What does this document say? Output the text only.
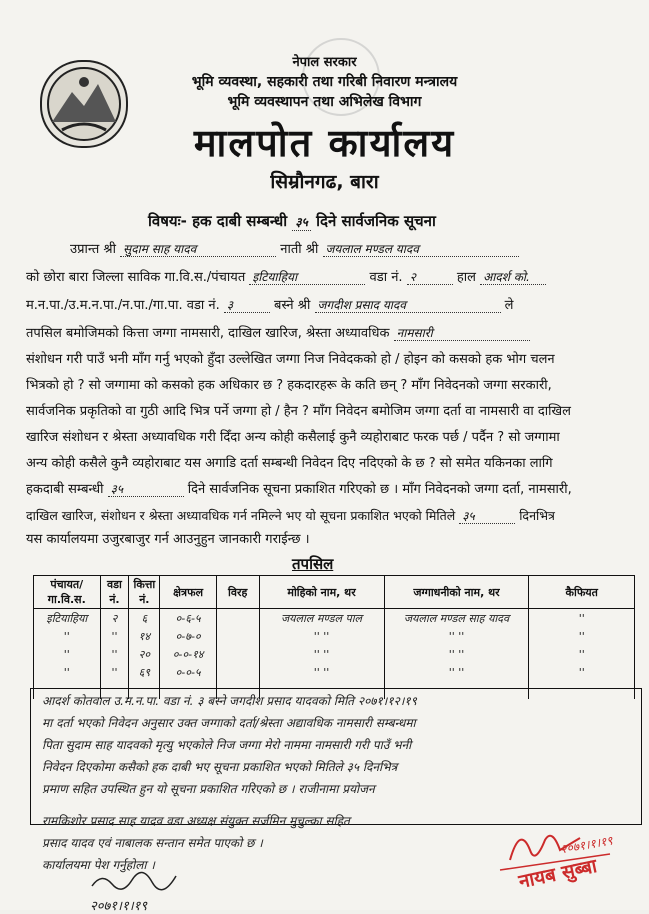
नेपाल सरकार
भूमि व्यवस्था, सहकारी तथा गरिबी निवारण मन्त्रालय
भूमि व्यवस्थापन तथा अभिलेख विभाग
मालपोत कार्यालय
सिम्रौनगढ, बारा
विषयः- हक दाबी सम्बन्धी ३५ दिने सार्वजनिक सूचना
उप्रान्त श्री सुदाम साह यादव	नाती श्री जयलाल मण्डल यादव
को छोरा बारा जिल्ला साविक गा.वि.स./पंचायत इटियाहिया	वडा नं. २	हाल आदर्श को.
म.न.पा./उ.म.न.पा./न.पा./गा.पा. वडा नं. ३	बस्ने श्री जगदीश प्रसाद यादव	ले
तपसिल बमोजिमको कित्ता जग्गा नामसारी, दाखिल खारिज, श्रेस्ता अध्यावधिक नामसारी
संशोधन गरी पाउँ भनी माँग गर्नु भएको हुँदा उल्लेखित जग्गा निज निवेदकको हो / होइन को कसको हक भोग चलन
भित्रको हो ? सो जग्गामा को कसको हक अधिकार छ ? हकदारहरू के कति छन् ? माँग निवेदनको जग्गा सरकारी,
सार्वजनिक प्रकृतिको वा गुठी आदि भित्र पर्ने जग्गा हो / हैन ? माँग निवेदन बमोजिम जग्गा दर्ता वा नामसारी वा दाखिल
खारिज संशोधन र श्रेस्ता अध्यावधिक गरी दिँदा अन्य कोही कसैलाई कुनै व्यहोराबाट फरक पर्छ / पर्दैन ? सो जग्गामा
अन्य कोही कसैले कुनै व्यहोराबाट यस अगाडि दर्ता सम्बन्धी निवेदन दिए नदिएको के छ ? सो समेत यकिनका लागि
हकदाबी सम्बन्धी ३५	दिने सार्वजनिक सूचना प्रकाशित गरिएको छ । माँग निवेदनको जग्गा दर्ता, नामसारी,
दाखिल खारिज, संशोधन र श्रेस्ता अध्यावधिक गर्न नमिल्ने भए यो सूचना प्रकाशित भएको मितिले ३५	दिनभित्र
यस कार्यालयमा उजुरबाजुर गर्न आउनुहुन जानकारी गराईन्छ ।
तपसिल
पंचायत/ गा.वि.स.	वडा नं.	कित्ता नं.	क्षेत्रफल	विरह	मोहिको नाम, थर	जग्गाधनीको नाम, थर	कैफियत
इटियाहिया	२	६	०-६-५		जयलाल मण्डल पाल	जयलाल मण्डल साह यादव	''
''	''	१४	०-७-०		'' ''	'' ''	''
''	''	२०	०-०-१४		'' ''	'' ''	''
''	''	६९	०-०-५		'' ''	'' ''	''

आदर्श कोतवाल उ.म.न.पा. वडा नं. ३ बस्ने जगदीश प्रसाद यादवको मिति २०७१।१२।१९
मा दर्ता भएको निवेदन अनुसार उक्त जग्गाको दर्ता/श्रेस्ता अद्यावधिक नामसारी सम्बन्धमा
पिता सुदाम साह यादवको मृत्यु भएकोले निज जग्गा मेरो नाममा नामसारी गरी पाउँ भनी
निवेदन दिएकोमा कसैको हक दाबी भए सूचना प्रकाशित भएको मितिले ३५ दिनभित्र
प्रमाण सहित उपस्थित हुन यो सूचना प्रकाशित गरिएको छ । राजीनामा प्रयोजन
रामकिशोर प्रसाद साह यादव वडा अध्यक्ष संयुक्त सर्जमिन मुचुल्का सहित
प्रसाद यादव एवं नाबालक सन्तान समेत पाएको छ ।
कार्यालयमा पेश गर्नुहोला ।
२०७१।१।१९
नायब सुब्बा
२०७१।१।१९
